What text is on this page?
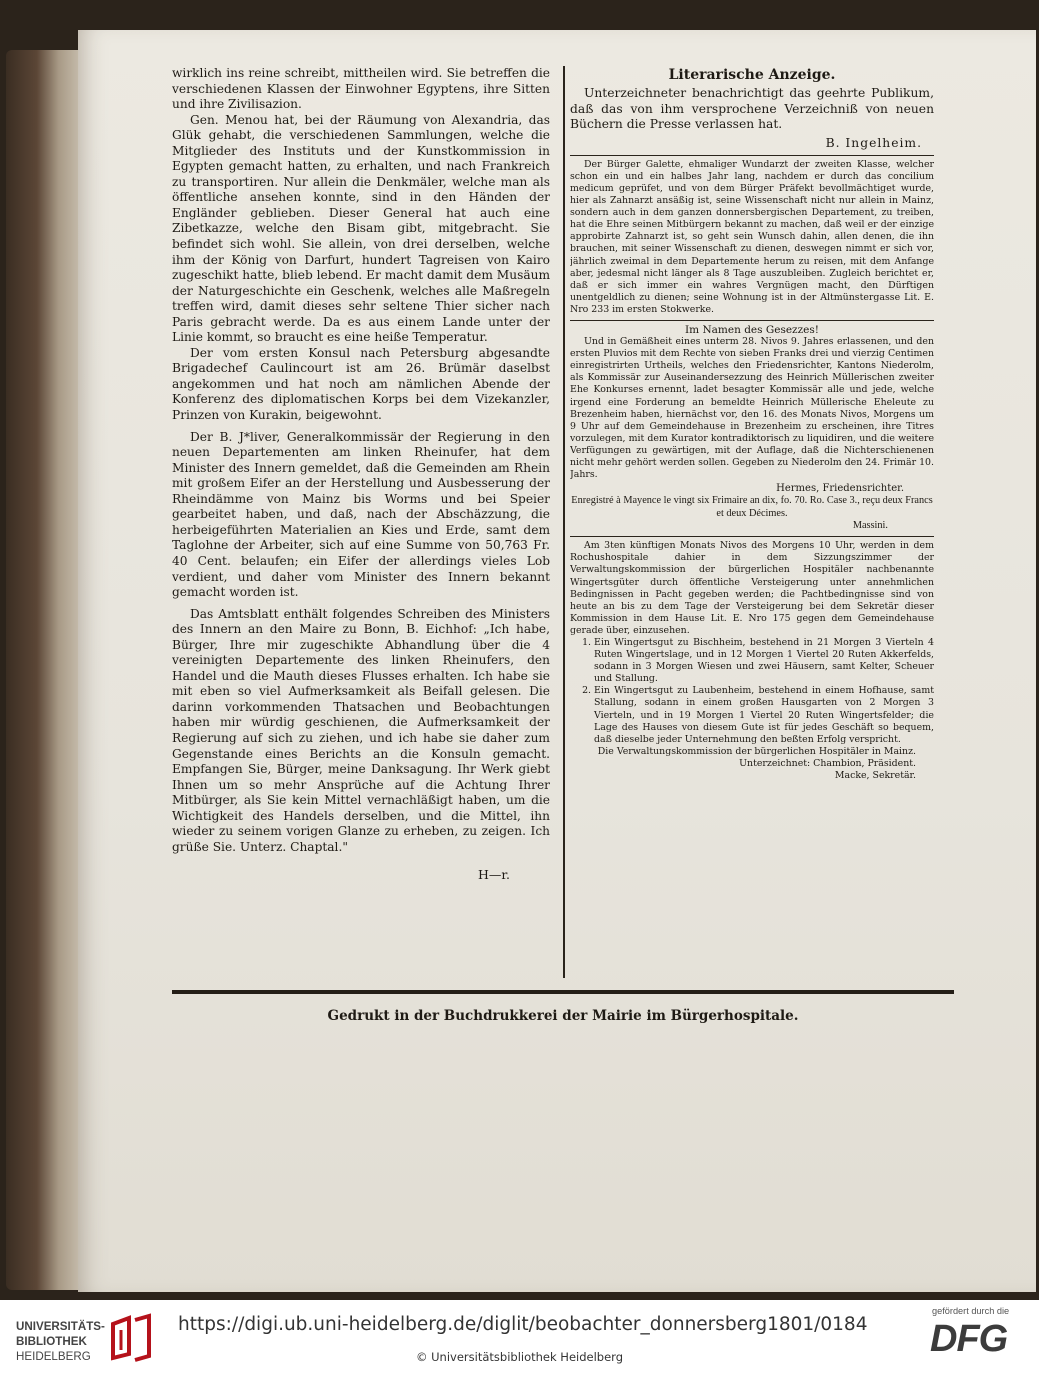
wirklich ins reine schreibt, mittheilen wird. Sie betreffen die verschiedenen Klassen der Einwohner Egyptens, ihre Sitten und ihre Zivilisazion.

Gen. Menou hat, bei der Räumung von Alexandria, das Glük gehabt, die verschiedenen Sammlungen, welche die Mitglieder des Instituts und der Kunstkommission in Egypten gemacht hatten, zu erhalten, und nach Frankreich zu transportiren. Nur allein die Denkmäler, welche man als öffentliche ansehen konnte, sind in den Händen der Engländer geblieben. Dieser General hat auch eine Zibetkazze, welche den Bisam gibt, mitgebracht. Sie befindet sich wohl. Sie allein, von drei derselben, welche ihm der König von Darfurt, hundert Tagreisen von Kairo zugeschikt hatte, blieb lebend. Er macht damit dem Musäum der Naturgeschichte ein Geschenk, welches alle Maßregeln treffen wird, damit dieses sehr seltene Thier sicher nach Paris gebracht werde. Da es aus einem Lande unter der Linie kommt, so braucht es eine heiße Temperatur.

Der vom ersten Konsul nach Petersburg abgesandte Brigadechef Caulincourt ist am 26. Brümär daselbst angekommen und hat noch am nämlichen Abende der Konferenz des diplomatischen Korps bei dem Vizekanzler, Prinzen von Kurakin, beigewohnt.

Der B. J*liver, Generalkommissär der Regierung in den neuen Departementen am linken Rheinufer, hat dem Minister des Innern gemeldet, daß die Gemeinden am Rhein mit großem Eifer an der Herstellung und Ausbesserung der Rheindämme von Mainz bis Worms und bei Speier gearbeitet haben, und daß, nach der Abschäzzung, die herbeigeführten Materialien an Kies und Erde, samt dem Taglohne der Arbeiter, sich auf eine Summe von 50,763 Fr. 40 Cent. belaufen; ein Eifer der allerdings vieles Lob verdient, und daher vom Minister des Innern bekannt gemacht worden ist.

Das Amtsblatt enthält folgendes Schreiben des Ministers des Innern an den Maire zu Bonn, B. Eichhof: „Ich habe, Bürger, Ihre mir zugeschikte Abhandlung über die 4 vereinigten Departemente des linken Rheinufers, den Handel und die Mauth dieses Flusses erhalten. Ich habe sie mit eben so viel Aufmerksamkeit als Beifall gelesen. Die darinn vorkommenden Thatsachen und Beobachtungen haben mir würdig geschienen, die Aufmerksamkeit der Regierung auf sich zu ziehen, und ich habe sie daher zum Gegenstande eines Berichts an die Konsuln gemacht. Empfangen Sie, Bürger, meine Danksagung. Ihr Werk giebt Ihnen um so mehr Ansprüche auf die Achtung Ihrer Mitbürger, als Sie kein Mittel vernachläßigt haben, um die Wichtigkeit des Handels derselben, und die Mittel, ihn wieder zu seinem vorigen Glanze zu erheben, zu zeigen. Ich grüße Sie. Unterz. Chaptal."

H—r.
Literarische Anzeige.

Unterzeichneter benachrichtigt das geehrte Publikum, daß das von ihm versprochene Verzeichniß von neuen Büchern die Presse verlassen hat.

B. Ingelheim.

Der Bürger Galette, ehmaliger Wundarzt der zweiten Klasse, welcher schon ein und ein halbes Jahr lang, nachdem er durch das concilium medicum geprüfet, und von dem Bürger Präfekt bevollmächtiget wurde, hier als Zahnarzt ansäßig ist, seine Wissenschaft nicht nur allein in Mainz, sondern auch in dem ganzen donnersbergischen Departement, zu treiben, hat die Ehre seinen Mitbürgern bekannt zu machen, daß weil er der einzige approbirte Zahnarzt ist, so geht sein Wunsch dahin, allen denen, die ihn brauchen, mit seiner Wissenschaft zu dienen, deswegen nimmt er sich vor, jährlich zweimal in dem Departemente herum zu reisen, mit dem Anfange aber, jedesmal nicht länger als 8 Tage auszubleiben. Zugleich berichtet er, daß er sich immer ein wahres Vergnügen macht, den Dürftigen unentgeldlich zu dienen; seine Wohnung ist in der Altmünstergasse Lit. E. Nro 233 im ersten Stokwerke.

Im Namen des Gesezzes!

Und in Gemäßheit eines unterm 28. Nivos 9. Jahres erlassenen, und den ersten Pluvios mit dem Rechte von sieben Franks drei und vierzig Centimen einregistrirten Urtheils, welches den Friedensrichter, Kantons Niederolm, als Kommissär zur Auseinandersezzung des Heinrich Müllerischen zweiter Ehe Konkurses ernennt, ladet besagter Kommissär alle und jede, welche irgend eine Forderung an bemeldte Heinrich Müllerische Eheleute zu Brezenheim haben, hiernächst vor, den 16. des Monats Nivos, Morgens um 9 Uhr auf dem Gemeindehause in Brezenheim zu erscheinen, ihre Titres vorzulegen, mit dem Kurator kontradiktorisch zu liquidiren, und die weitere Verfügungen zu gewärtigen, mit der Auflage, daß die Nichterschienenen nicht mehr gehört werden sollen. Gegeben zu Niederolm den 24. Frimär 10. Jahrs.

Hermes, Friedensrichter.

Enregistré à Mayence le vingt six Frimaire an dix, fo. 70. Ro. Case 3., reçu deux Francs et deux Décimes.

Massini.

Am 3ten künftigen Monats Nivos des Morgens 10 Uhr, werden in dem Rochushospitale dahier in dem Sizzungszimmer der Verwaltungskommission der bürgerlichen Hospitäler nachbenannte Wingertsgüter durch öffentliche Versteigerung unter annehmlichen Bedingnissen in Pacht gegeben werden; die Pachtbedingnisse sind von heute an bis zu dem Tage der Versteigerung bei dem Sekretär dieser Kommission in dem Hause Lit. E. Nro 175 gegen dem Gemeindehause gerade über, einzusehen.

1. Ein Wingertsgut zu Bischheim, bestehend in 21 Morgen 3 Vierteln 4 Ruten Wingertslage, und in 12 Morgen 1 Viertel 20 Ruten Akkerfelds, sodann in 3 Morgen Wiesen und zwei Häusern, samt Kelter, Scheuer und Stallung.
2. Ein Wingertsgut zu Laubenheim, bestehend in einem Hofhause, samt Stallung, sodann in einem großen Hausgarten von 2 Morgen 3 Vierteln, und in 19 Morgen 1 Viertel 20 Ruten Wingertsfelder; die Lage des Hauses von diesem Gute ist für jedes Geschäft so bequem, daß dieselbe jeder Unternehmung den beßten Erfolg verspricht.

Die Verwaltungskommission der bürgerlichen Hospitäler in Mainz.

Unterzeichnet: Chambion, Präsident.

Macke, Sekretär.

Gedrukt in der Buchdrukkerei der Mairie im Bürgerhospitale.
UNIVERSITÄTS-
BIBLIOTHEK
HEIDELBERG
https://digi.ub.uni-heidelberg.de/diglit/beobachter_donnersberg1801/0184
© Universitätsbibliothek Heidelberg
gefördert durch die
DFG
